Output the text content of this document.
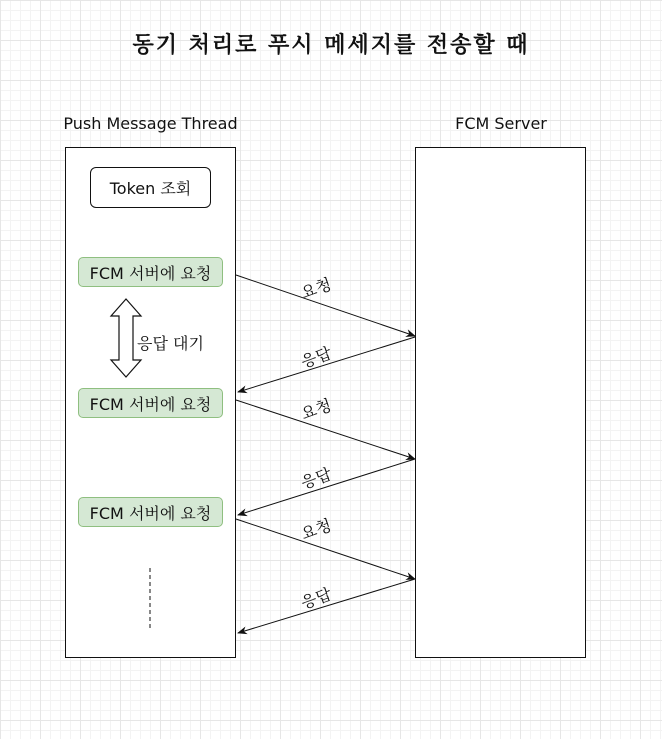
동기 처리로 푸시 메세지를 전송할 때
Push Message Thread	FCM Server
Token 조회
FCM 서버에 요청
FCM 서버에 요청
FCM 서버에 요청
응답 대기
요청
응답
요청
응답
요청
응답
